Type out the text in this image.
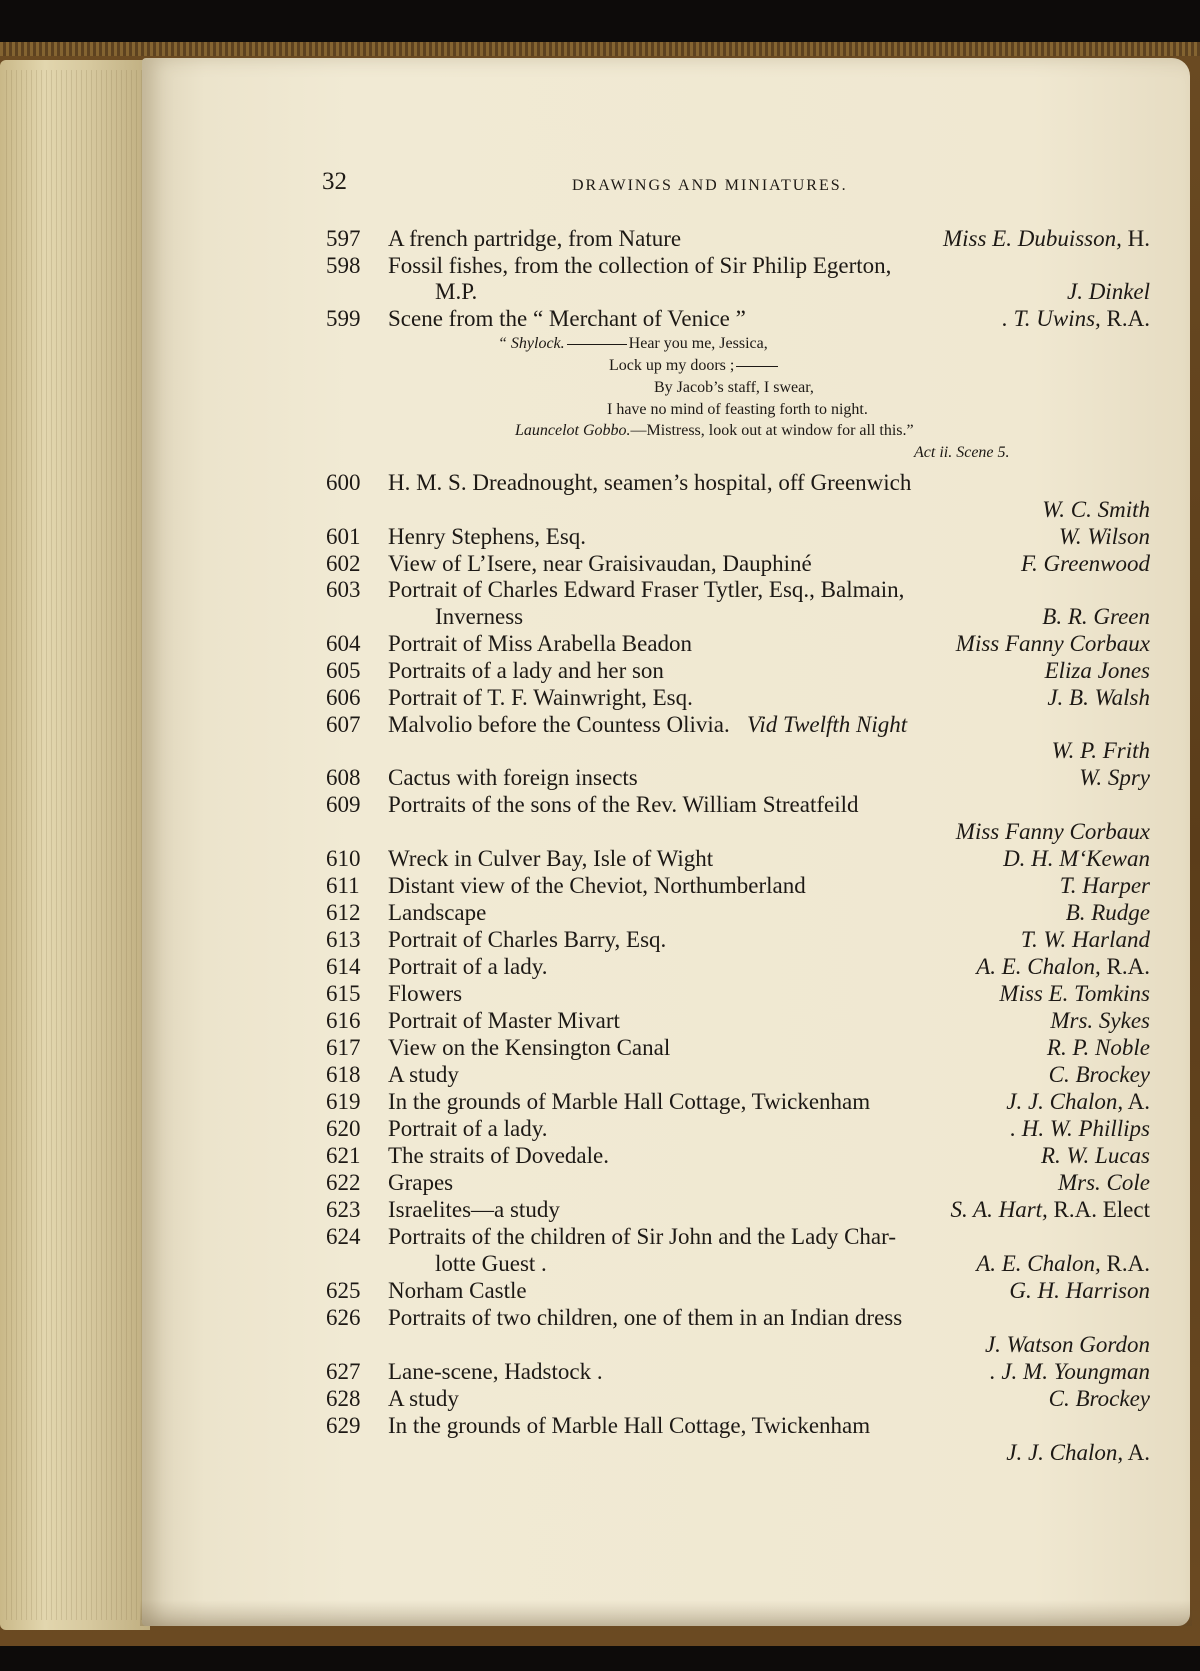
32	DRAWINGS AND MINIATURES.
597 A french partridge, from Nature	Miss E. Dubuisson, H.
598 Fossil fishes, from the collection of Sir Philip Egerton,
M.P.	J. Dinkel
599 Scene from the “ Merchant of Venice ”	. T. Uwins, R.A.
“ Shylock.	Hear you me, Jessica,
Lock up my doors ;
By Jacob’s staff, I swear,
I have no mind of feasting forth to night.
Launcelot Gobbo.—Mistress, look out at window for all this.”
Act ii. Scene 5.
600 H. M. S. Dreadnought, seamen’s hospital, off Greenwich
W. C. Smith
601 Henry Stephens, Esq.	W. Wilson
602 View of L’Isere, near Graisivaudan, Dauphiné	F. Greenwood
603 Portrait of Charles Edward Fraser Tytler, Esq., Balmain,
Inverness	B. R. Green
604 Portrait of Miss Arabella Beadon	Miss Fanny Corbaux
605 Portraits of a lady and her son	Eliza Jones
606 Portrait of T. F. Wainwright, Esq.	J. B. Walsh
607 Malvolio before the Countess Olivia. Vid Twelfth Night
W. P. Frith
608 Cactus with foreign insects	W. Spry
609 Portraits of the sons of the Rev. William Streatfeild
Miss Fanny Corbaux
610 Wreck in Culver Bay, Isle of Wight	D. H. M‘Kewan
611 Distant view of the Cheviot, Northumberland	T. Harper
612 Landscape	B. Rudge
613 Portrait of Charles Barry, Esq.	T. W. Harland
614 Portrait of a lady.	A. E. Chalon, R.A.
615 Flowers	Miss E. Tomkins
616 Portrait of Master Mivart	Mrs. Sykes
617 View on the Kensington Canal	R. P. Noble
618 A study	C. Brockey
619 In the grounds of Marble Hall Cottage, Twickenham	J. J. Chalon, A.
620 Portrait of a lady.	. H. W. Phillips
621 The straits of Dovedale.	R. W. Lucas
622 Grapes	Mrs. Cole
623 Israelites—a study	S. A. Hart, R.A. Elect
624 Portraits of the children of Sir John and the Lady Char-
lotte Guest .	A. E. Chalon, R.A.
625 Norham Castle	G. H. Harrison
626 Portraits of two children, one of them in an Indian dress
J. Watson Gordon
627 Lane-scene, Hadstock .	. J. M. Youngman
628 A study	C. Brockey
629 In the grounds of Marble Hall Cottage, Twickenham
J. J. Chalon, A.
